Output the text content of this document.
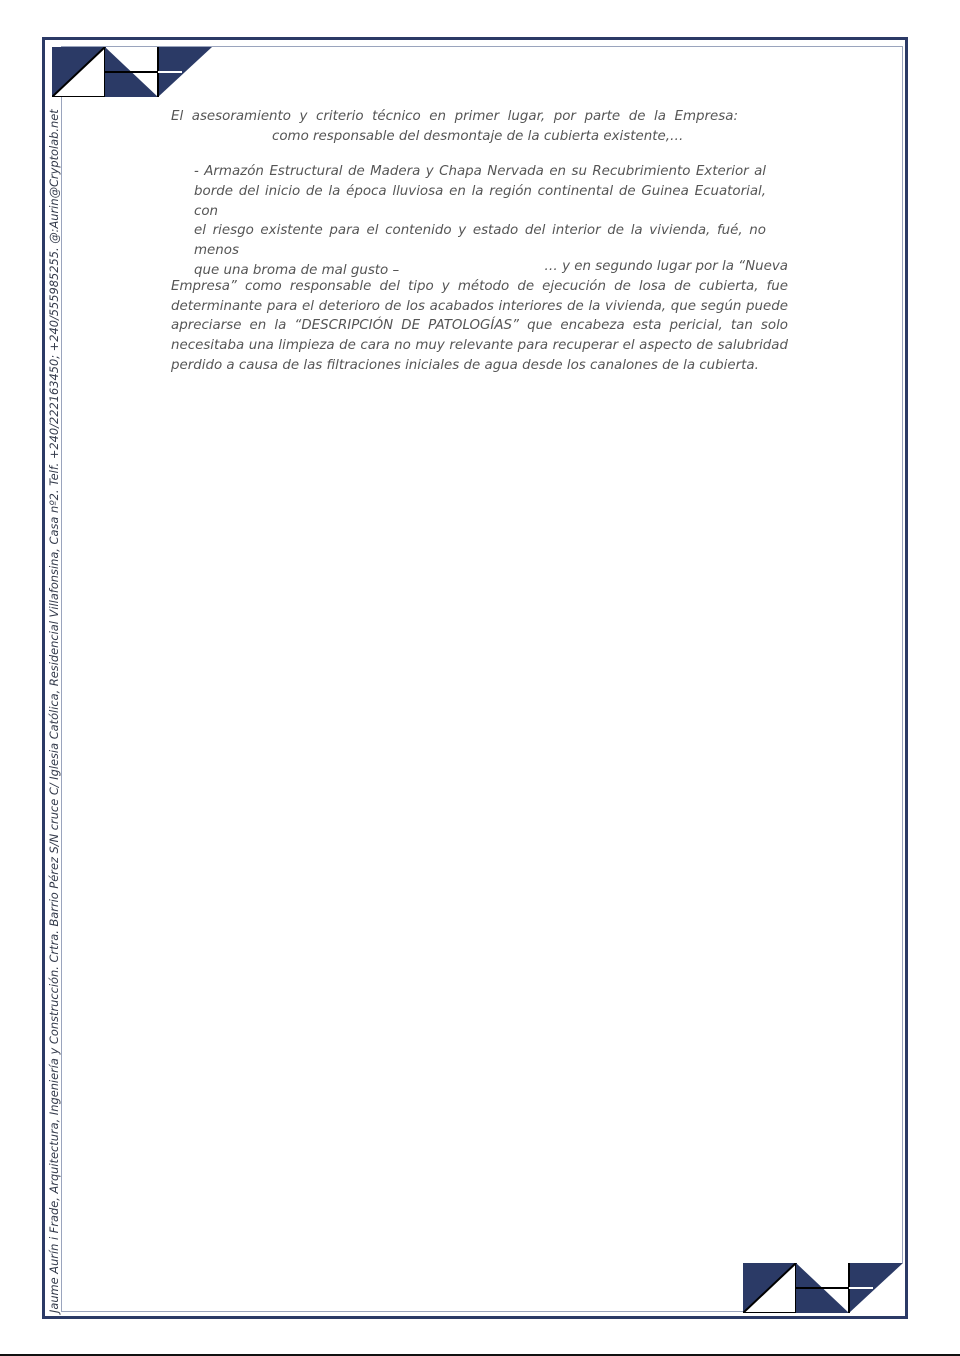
Jaume Aurín i Frade, Arquitectura, Ingeniería y Construcción. Crtra. Barrio Pérez S/N cruce C/ Iglesia Católica, Residencial Villafonsina, Casa nº2. Telf. +240/222163450; +240/555985255. @:Aurin@Cryptolab.net	El asesoramiento y criterio técnico en primer lugar, por parte de la Empresa:
como responsable del desmontaje de la cubierta existente,…
- Armazón Estructural de Madera y Chapa Nervada en su Recubrimiento Exterior al
borde del inicio de la época lluviosa en la región continental de Guinea Ecuatorial, con
el riesgo existente para el contenido y estado del interior de la vivienda, fué, no menos
que una broma de mal gusto –	… y en segundo lugar por la “Nueva
Empresa” como responsable del tipo y método de ejecución de losa de cubierta, fue
determinante para el deterioro de los acabados interiores de la vivienda, que según puede
apreciarse en la “DESCRIPCIÓN DE PATOLOGÍAS” que encabeza esta pericial, tan solo
necesitaba una limpieza de cara no muy relevante para recuperar el aspecto de salubridad
perdido a causa de las filtraciones iniciales de agua desde los canalones de la cubierta.
